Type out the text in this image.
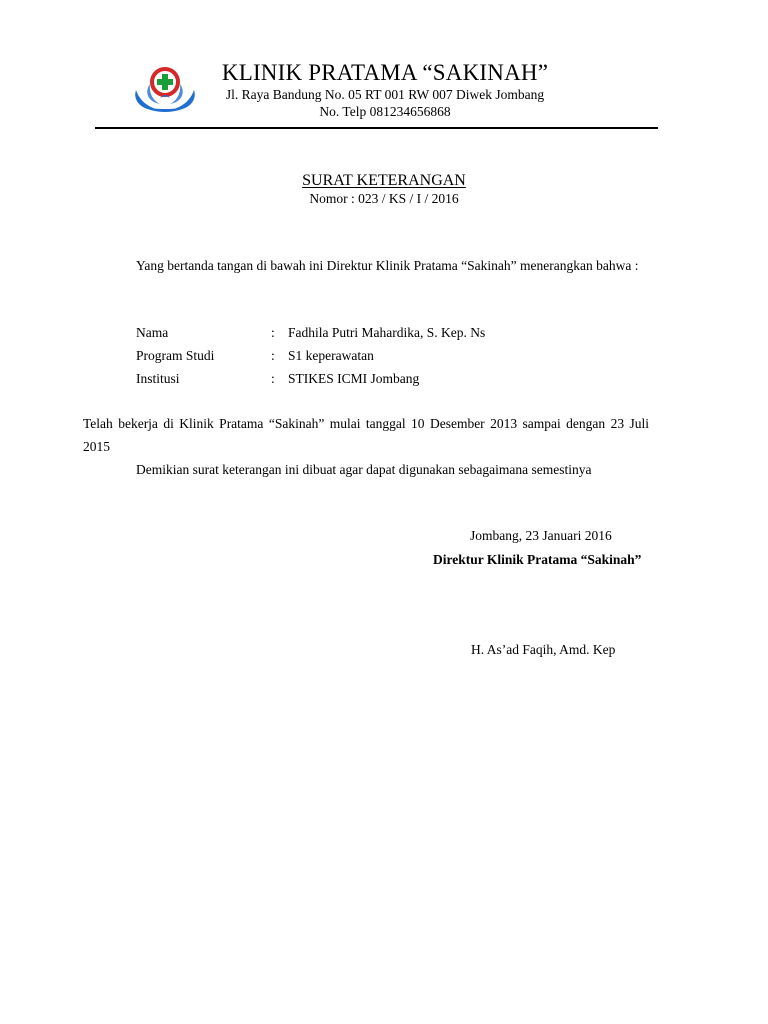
KLINIK PRATAMA “SAKINAH”
Jl. Raya Bandung No. 05 RT 001 RW 007 Diwek Jombang
No. Telp 081234656868
SURAT KETERANGAN
Nomor : 023 / KS / I / 2016

Yang bertanda tangan di bawah ini Direktur Klinik Pratama “Sakinah” menerangkan bahwa :

Nama	: Fadhila Putri Mahardika, S. Kep. Ns
Program Studi	: S1 keperawatan
Institusi	: STIKES ICMI Jombang

Telah bekerja di Klinik Pratama “Sakinah” mulai tanggal 10 Desember 2013 sampai dengan 23 Juli 2015

Demikian surat keterangan ini dibuat agar dapat digunakan sebagaimana semestinya

Jombang, 23 Januari 2016
Direktur Klinik Pratama “Sakinah”
H. As’ad Faqih, Amd. Kep
